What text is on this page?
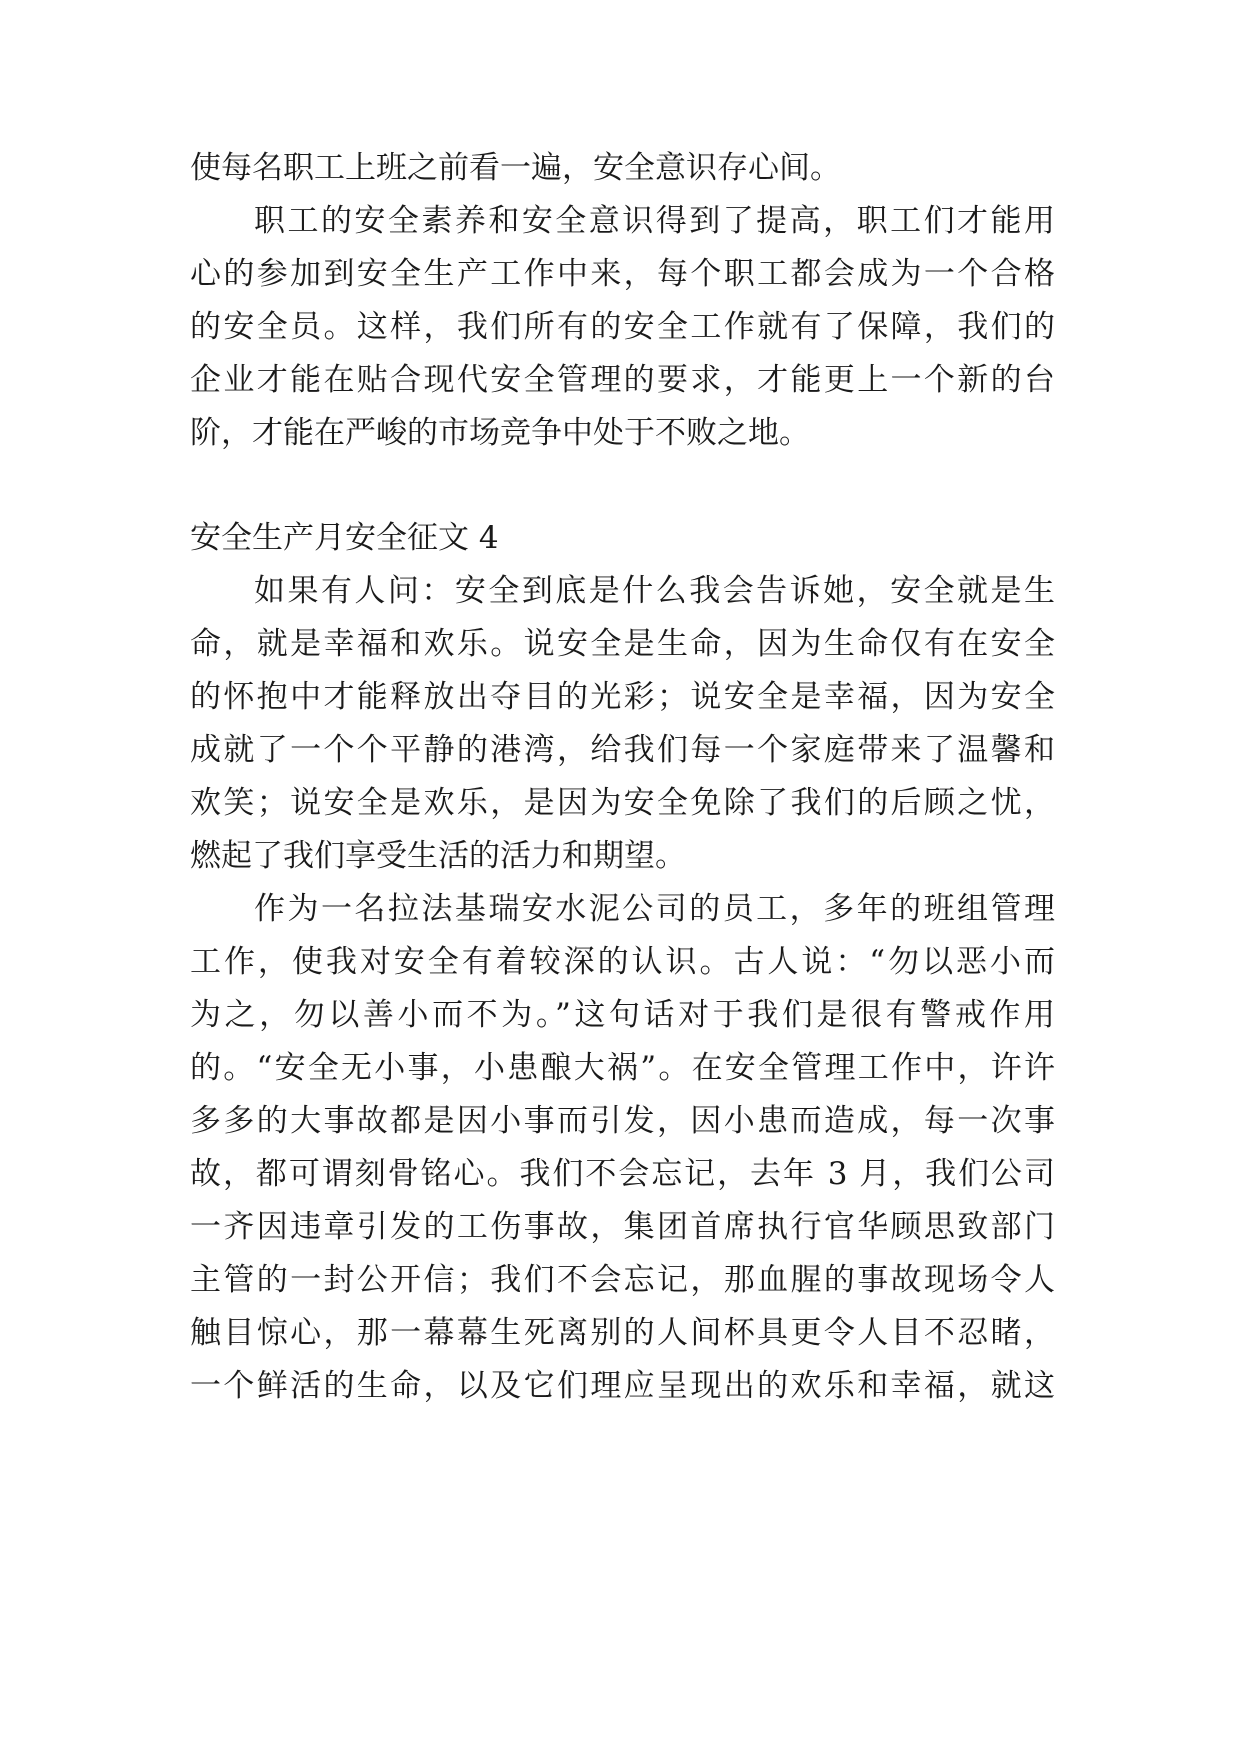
使每名职工上班之前看一遍，安全意识存心间。
职工的安全素养和安全意识得到了提高，职工们才能用
心的参加到安全生产工作中来，每个职工都会成为一个合格
的安全员。这样，我们所有的安全工作就有了保障，我们的
企业才能在贴合现代安全管理的要求，才能更上一个新的台
阶，才能在严峻的市场竞争中处于不败之地。
安全生产月安全征文 4
如果有人问：安全到底是什么我会告诉她，安全就是生
命，就是幸福和欢乐。说安全是生命，因为生命仅有在安全
的怀抱中才能释放出夺目的光彩；说安全是幸福，因为安全
成就了一个个平静的港湾，给我们每一个家庭带来了温馨和
欢笑；说安全是欢乐，是因为安全免除了我们的后顾之忧，
燃起了我们享受生活的活力和期望。
作为一名拉法基瑞安水泥公司的员工，多年的班组管理
工作，使我对安全有着较深的认识。古人说：“勿以恶小而
为之，勿以善小而不为。”这句话对于我们是很有警戒作用
的。“安全无小事，小患酿大祸”。在安全管理工作中，许许
多多的大事故都是因小事而引发，因小患而造成，每一次事
故，都可谓刻骨铭心。我们不会忘记，去年 3 月，我们公司
一齐因违章引发的工伤事故，集团首席执行官华顾思致部门
主管的一封公开信；我们不会忘记，那血腥的事故现场令人
触目惊心，那一幕幕生死离别的人间杯具更令人目不忍睹，
一个鲜活的生命，以及它们理应呈现出的欢乐和幸福，就这
